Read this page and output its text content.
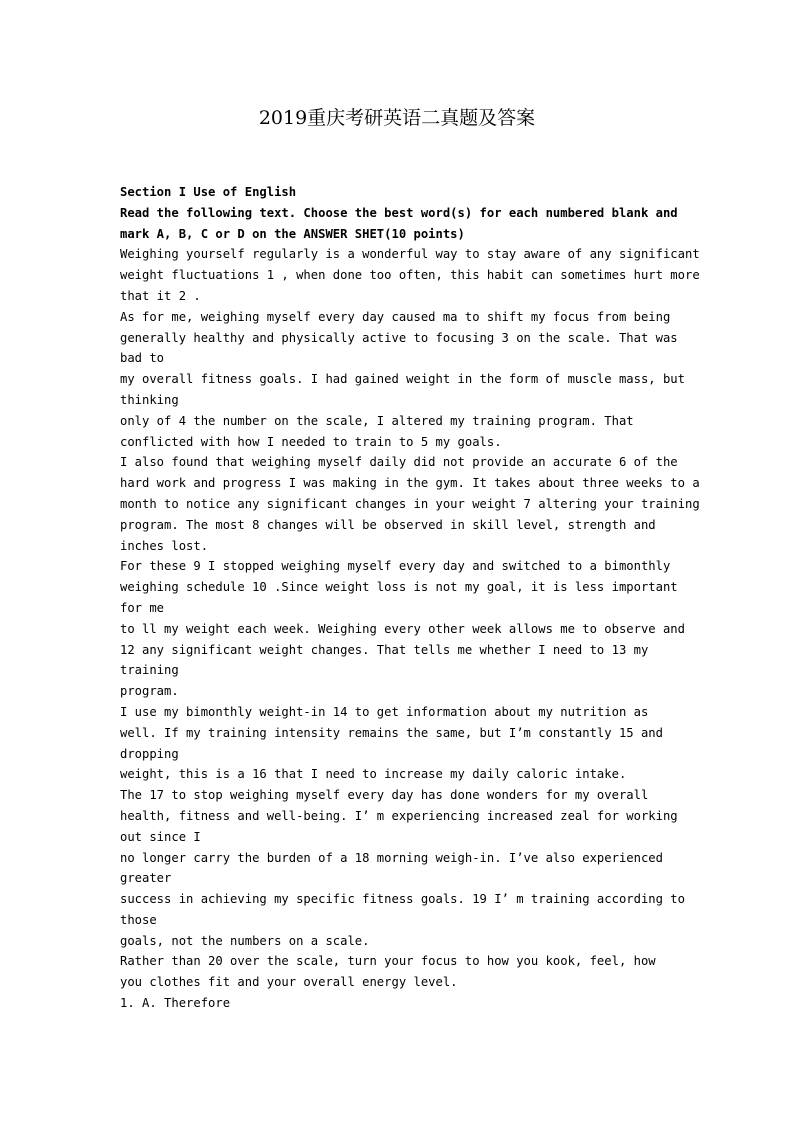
2019重庆考研英语二真题及答案
Section I Use of English
Read the following text. Choose the best word(s) for each numbered blank and
mark A, B, C or D on the ANSWER SHET(10 points)
Weighing yourself regularly is a wonderful way to stay aware of any significant
weight fluctuations 1 , when done too often, this habit can sometimes hurt more
that it 2 .
As for me, weighing myself every day caused ma to shift my focus from being
generally healthy and physically active to focusing 3 on the scale. That was
bad to
my overall fitness goals. I had gained weight in the form of muscle mass, but
thinking
only of 4 the number on the scale, I altered my training program. That
conflicted with how I needed to train to 5 my goals.
I also found that weighing myself daily did not provide an accurate 6 of the
hard work and progress I was making in the gym. It takes about three weeks to a
month to notice any significant changes in your weight 7 altering your training
program. The most 8 changes will be observed in skill level, strength and
inches lost.
For these 9 I stopped weighing myself every day and switched to a bimonthly
weighing schedule 10 .Since weight loss is not my goal, it is less important
for me
to ll my weight each week. Weighing every other week allows me to observe and
12 any significant weight changes. That tells me whether I need to 13 my
training
program.
I use my bimonthly weight-in 14 to get information about my nutrition as
well. If my training intensity remains the same, but I’m constantly 15 and
dropping
weight, this is a 16 that I need to increase my daily caloric intake.
The 17 to stop weighing myself every day has done wonders for my overall
health, fitness and well-being. I’ m experiencing increased zeal for working
out since I
no longer carry the burden of a 18 morning weigh-in. I’ve also experienced
greater
success in achieving my specific fitness goals. 19 I’ m training according to
those
goals, not the numbers on a scale.
Rather than 20 over the scale, turn your focus to how you kook, feel, how
you clothes fit and your overall energy level.
1. A. Therefore
